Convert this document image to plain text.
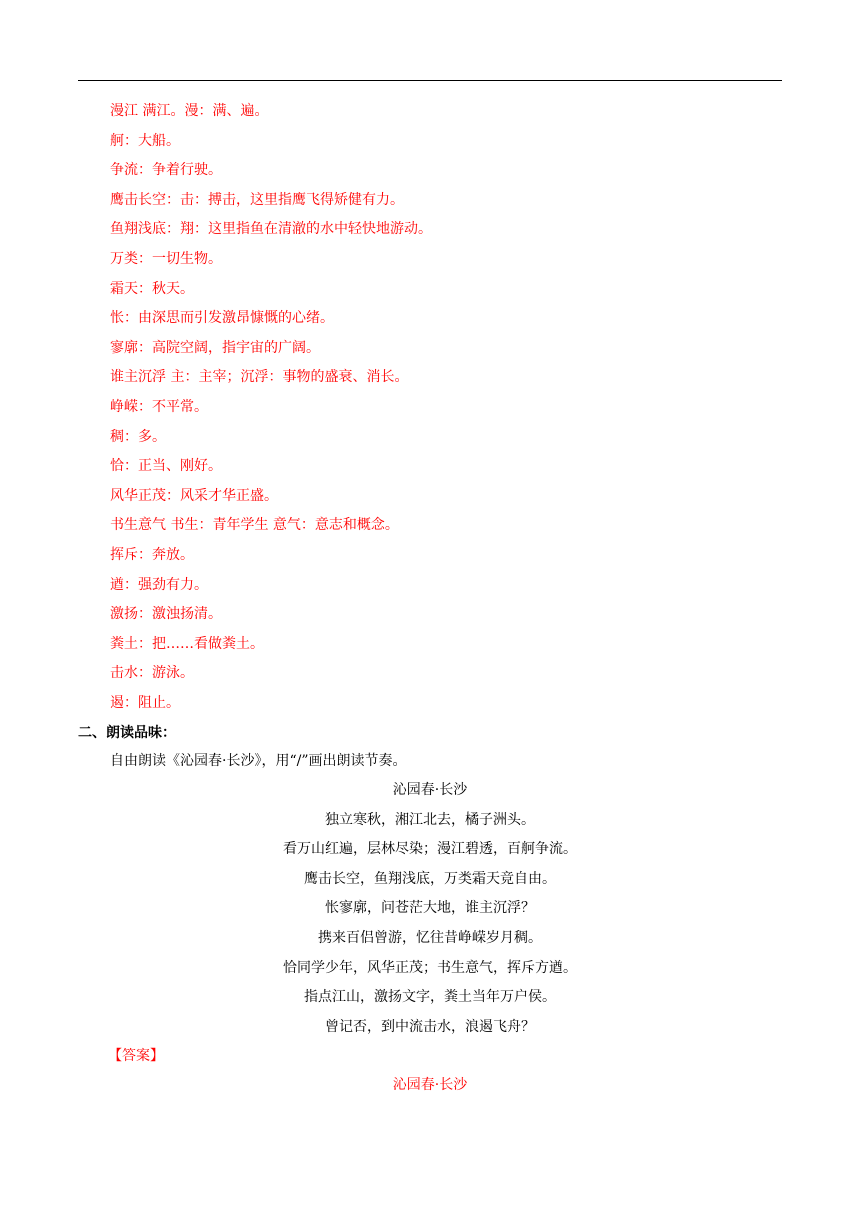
漫江 满江。漫：满、遍。
舸：大船。
争流：争着行驶。
鹰击长空：击：搏击，这里指鹰飞得矫健有力。
鱼翔浅底：翔：这里指鱼在清澈的水中轻快地游动。
万类：一切生物。
霜天：秋天。
怅：由深思而引发激昂慷慨的心绪。
寥廓：高院空阔，指宇宙的广阔。
谁主沉浮 主：主宰；沉浮：事物的盛衰、消长。
峥嵘：不平常。
稠：多。
恰：正当、刚好。
风华正茂：风采才华正盛。
书生意气 书生：青年学生 意气：意志和概念。
挥斥：奔放。
遒：强劲有力。
激扬：激浊扬清。
粪土：把……看做粪土。
击水：游泳。
遏：阻止。
二、朗读品味：
自由朗读《沁园春·长沙》，用“/”画出朗读节奏。
沁园春·长沙
独立寒秋，湘江北去，橘子洲头。
看万山红遍，层林尽染；漫江碧透，百舸争流。
鹰击长空，鱼翔浅底，万类霜天竞自由。
怅寥廓，问苍茫大地，谁主沉浮？
携来百侣曾游，忆往昔峥嵘岁月稠。
恰同学少年，风华正茂；书生意气，挥斥方遒。
指点江山，激扬文字，粪土当年万户侯。
曾记否，到中流击水，浪遏飞舟？
【答案】
沁园春·长沙
